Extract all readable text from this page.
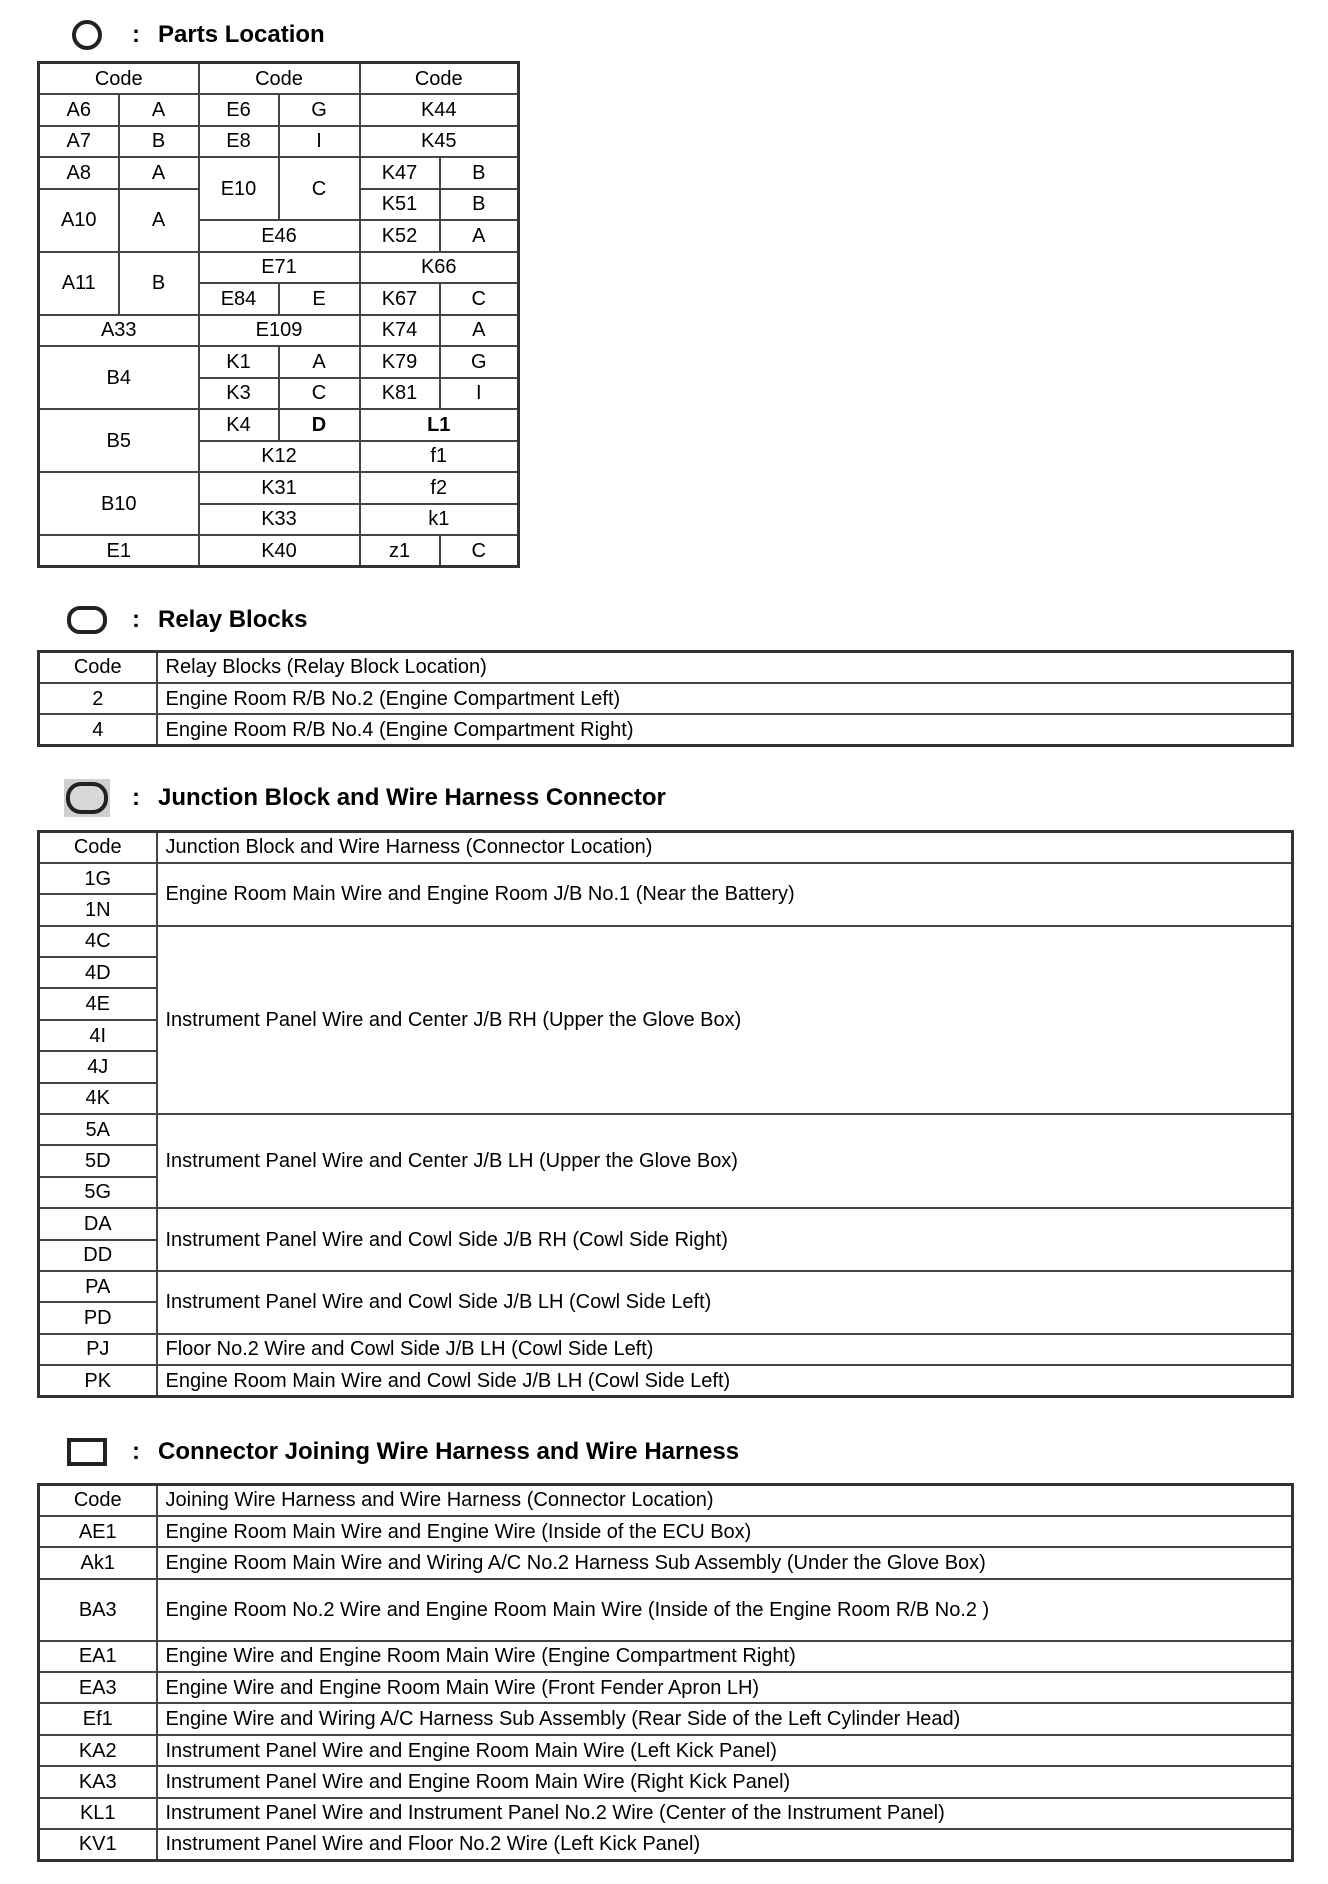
: Parts Location
Code		Code		Code	
A6	A	E6	G	K44	
A7	B	E8	I	K45	
A8	A	E10	C	K47	B
A10	A			K51	B
		E46		K52	A
A11	B	E71		K66	
		E84	E	K67	C
A33		E109		K74	A
B4		K1	A	K79	G
		K3	C	K81	I
B5		K4	D	L1	
		K12		f1	
B10		K31		f2	
		K33		k1	
E1		K40		z1	C
: Relay Blocks
Code	Relay Blocks (Relay Block Location)
2	Engine Room R/B No.2 (Engine Compartment Left)
4	Engine Room R/B No.4 (Engine Compartment Right)
: Junction Block and Wire Harness Connector
Code	Junction Block and Wire Harness (Connector Location)
1G	Engine Room Main Wire and Engine Room J/B No.1 (Near the Battery)
1N	
4C	Instrument Panel Wire and Center J/B RH (Upper the Glove Box)
4D	
4E	
4I	
4J	
4K	
5A	Instrument Panel Wire and Center J/B LH (Upper the Glove Box)
5D	
5G	
DA	Instrument Panel Wire and Cowl Side J/B RH (Cowl Side Right)
DD	
PA	Instrument Panel Wire and Cowl Side J/B LH (Cowl Side Left)
PD	
PJ	Floor No.2 Wire and Cowl Side J/B LH (Cowl Side Left)
PK	Engine Room Main Wire and Cowl Side J/B LH (Cowl Side Left)
: Connector Joining Wire Harness and Wire Harness
Code	Joining Wire Harness and Wire Harness (Connector Location)
AE1	Engine Room Main Wire and Engine Wire (Inside of the ECU Box)
Ak1	Engine Room Main Wire and Wiring A/C No.2 Harness Sub Assembly (Under the Glove Box)
BA3	Engine Room No.2 Wire and Engine Room Main Wire (Inside of the Engine Room R/B No.2 )
EA1	Engine Wire and Engine Room Main Wire (Engine Compartment Right)
EA3	Engine Wire and Engine Room Main Wire (Front Fender Apron LH)
Ef1	Engine Wire and Wiring A/C Harness Sub Assembly (Rear Side of the Left Cylinder Head)
KA2	Instrument Panel Wire and Engine Room Main Wire (Left Kick Panel)
KA3	Instrument Panel Wire and Engine Room Main Wire (Right Kick Panel)
KL1	Instrument Panel Wire and Instrument Panel No.2 Wire (Center of the Instrument Panel)
KV1	Instrument Panel Wire and Floor No.2 Wire (Left Kick Panel)
